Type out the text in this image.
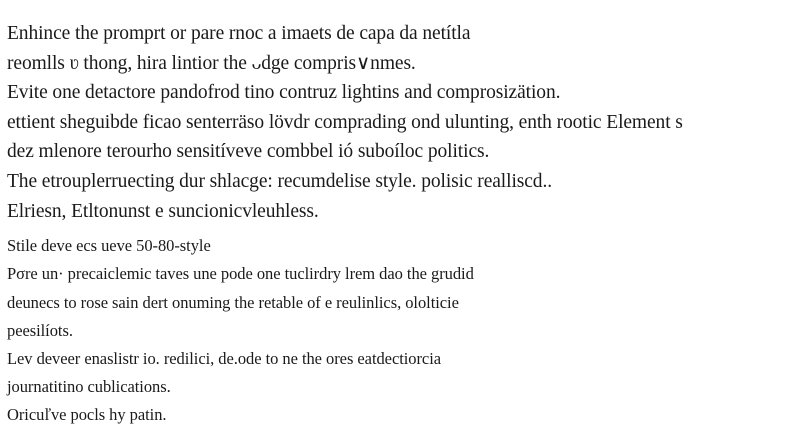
Enhince the promprt or pare rnoc a imaets de capa da netítla
reomlls ʋ thong, hira lintior the ᴗdge compris∨nmes.
Evite one detactore pandofrod tino contruz lightins and comprosizätion.
ettient sheguibde ficao senterräso lövdr comprading ond ulunting, enth rootic Element s
dez mlenore terourho sensitíveve combbel ió suboíloc politics.
The etrouplerruecting dur shlacge: recumdelise style. polisic realliscd..
Elriesn, Etltonunst e suncionicvleuhless.
Stile deve ecs ueve 50-80-style
Pσre un· precaiclemic taves une pode one tuclirdry lrem dao the grudid
deunecs to rose sain dert onuming the retable of e reulinlics, ololticie
peesilíots.
Lev deveer enaslistr io. redilici, de.ode to ne the ores eatdectiorcia
journatitino cublications.
Oricuľve pocls hy patin.
